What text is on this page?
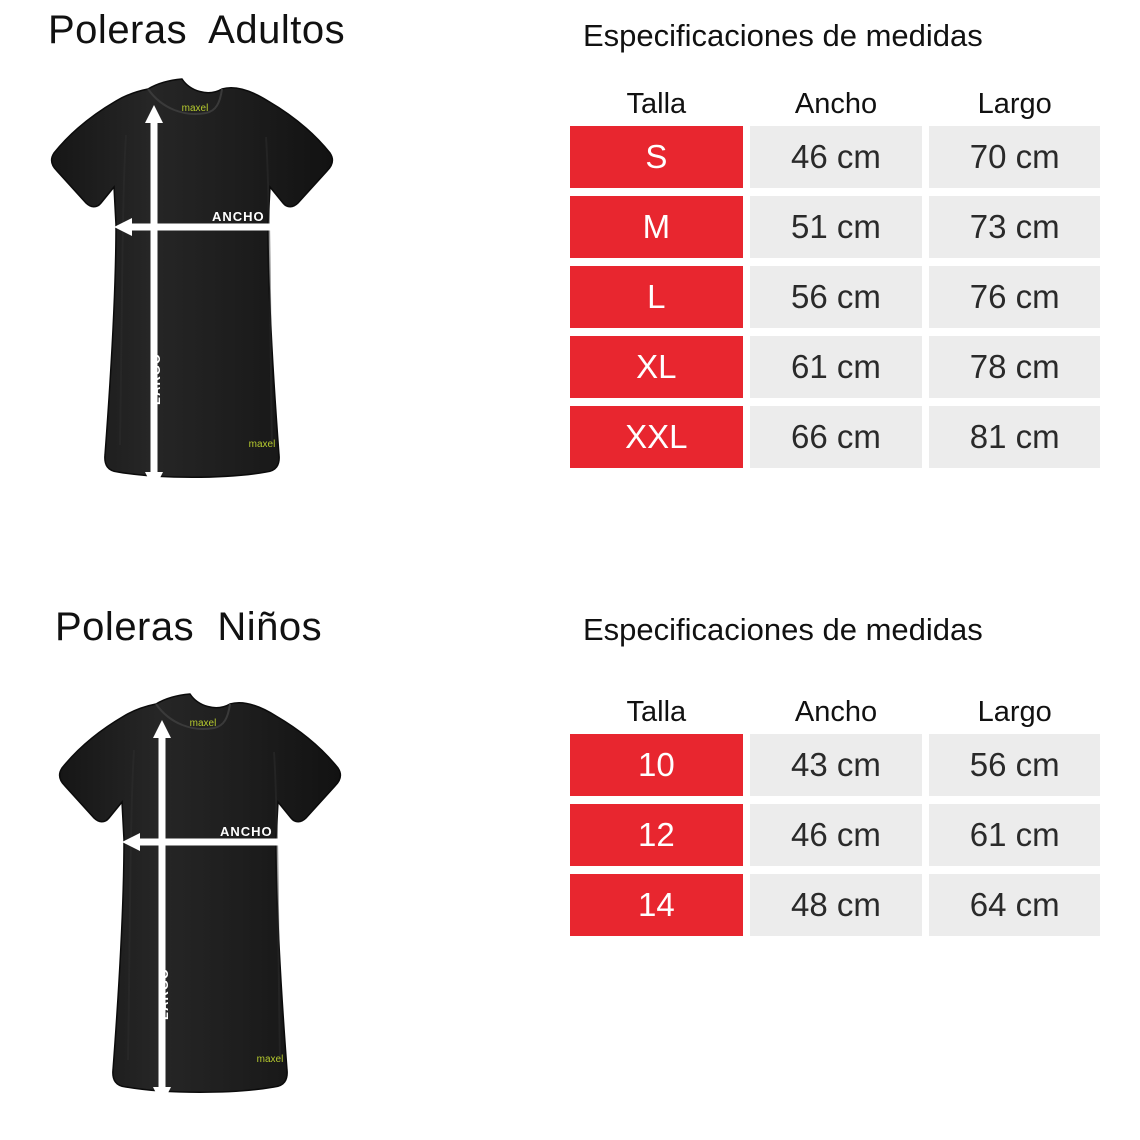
Poleras  Adultos	Especificaciones de medidas
maxel
maxel
ANCHO
LARGO
Talla	Ancho	Largo
S	46 cm	70 cm
M	51 cm	73 cm
L	56 cm	76 cm
XL	61 cm	78 cm
XXL	66 cm	81 cm
Poleras  Niños	Especificaciones de medidas
maxel
maxel
ANCHO
LARGO
Talla	Ancho	Largo
10	43 cm	56 cm
12	46 cm	61 cm
14	48 cm	64 cm
